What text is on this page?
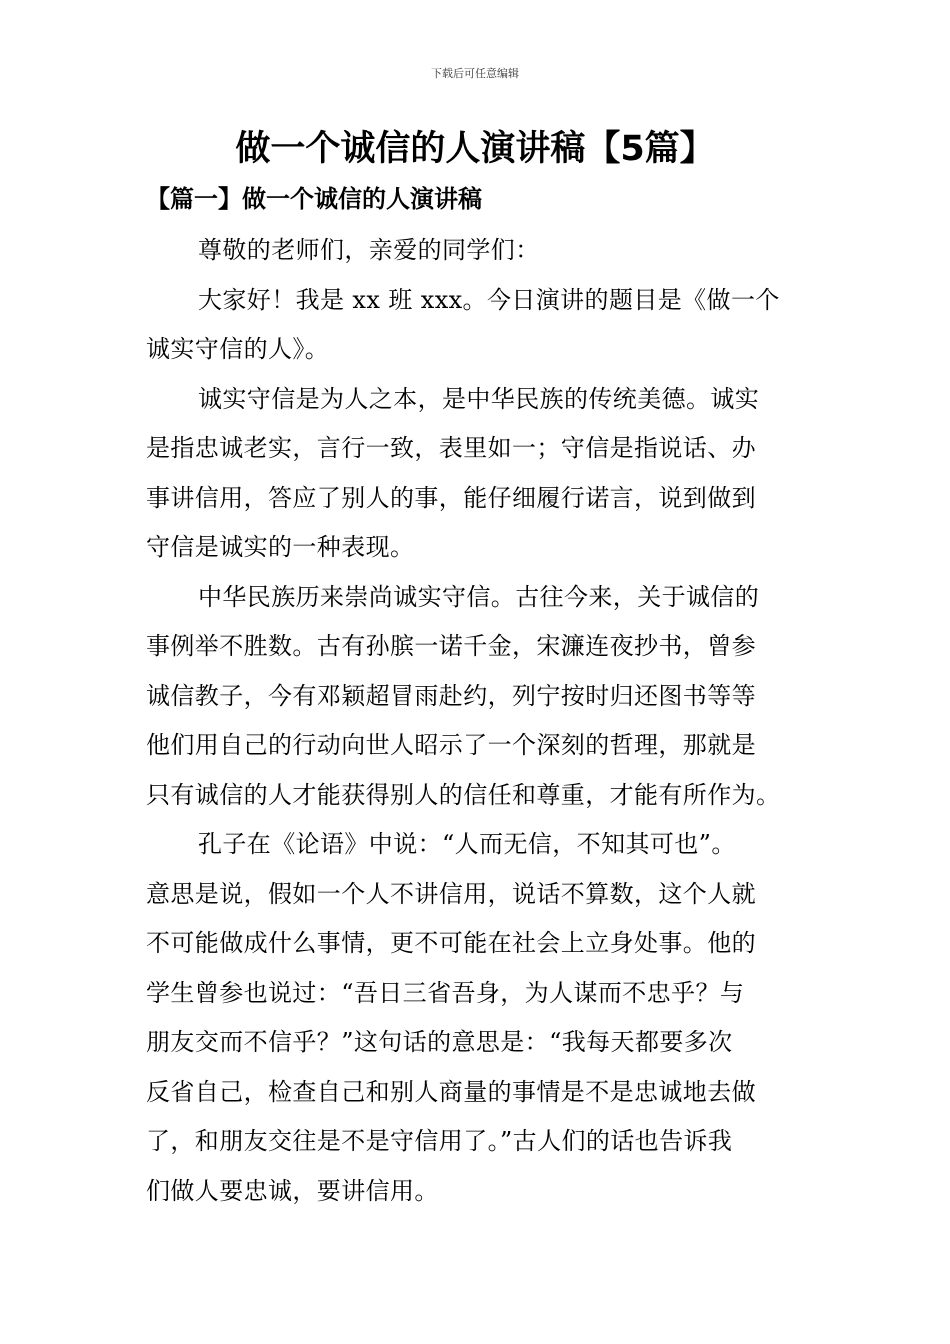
下载后可任意编辑
做一个诚信的人演讲稿【5篇】
【篇一】做一个诚信的人演讲稿

尊敬的老师们，亲爱的同学们：

大家好！我是 xx 班 xxx。今日演讲的题目是《做一个
诚实守信的人》。

诚实守信是为人之本，是中华民族的传统美德。诚实
是指忠诚老实，言行一致，表里如一；守信是指说话、办
事讲信用，答应了别人的事，能仔细履行诺言，说到做到
守信是诚实的一种表现。

中华民族历来崇尚诚实守信。古往今来，关于诚信的
事例举不胜数。古有孙膑一诺千金，宋濂连夜抄书，曾参
诚信教子，今有邓颖超冒雨赴约，列宁按时归还图书等等
他们用自己的行动向世人昭示了一个深刻的哲理，那就是
只有诚信的人才能获得别人的信任和尊重，才能有所作为。

孔子在《论语》中说：“人而无信，不知其可也”。
意思是说，假如一个人不讲信用，说话不算数，这个人就
不可能做成什么事情，更不可能在社会上立身处事。他的
学生曾参也说过：“吾日三省吾身，为人谋而不忠乎？与
朋友交而不信乎？”这句话的意思是：“我每天都要多次
反省自己，检查自己和别人商量的事情是不是忠诚地去做
了，和朋友交往是不是守信用了。”古人们的话也告诉我
们做人要忠诚，要讲信用。
